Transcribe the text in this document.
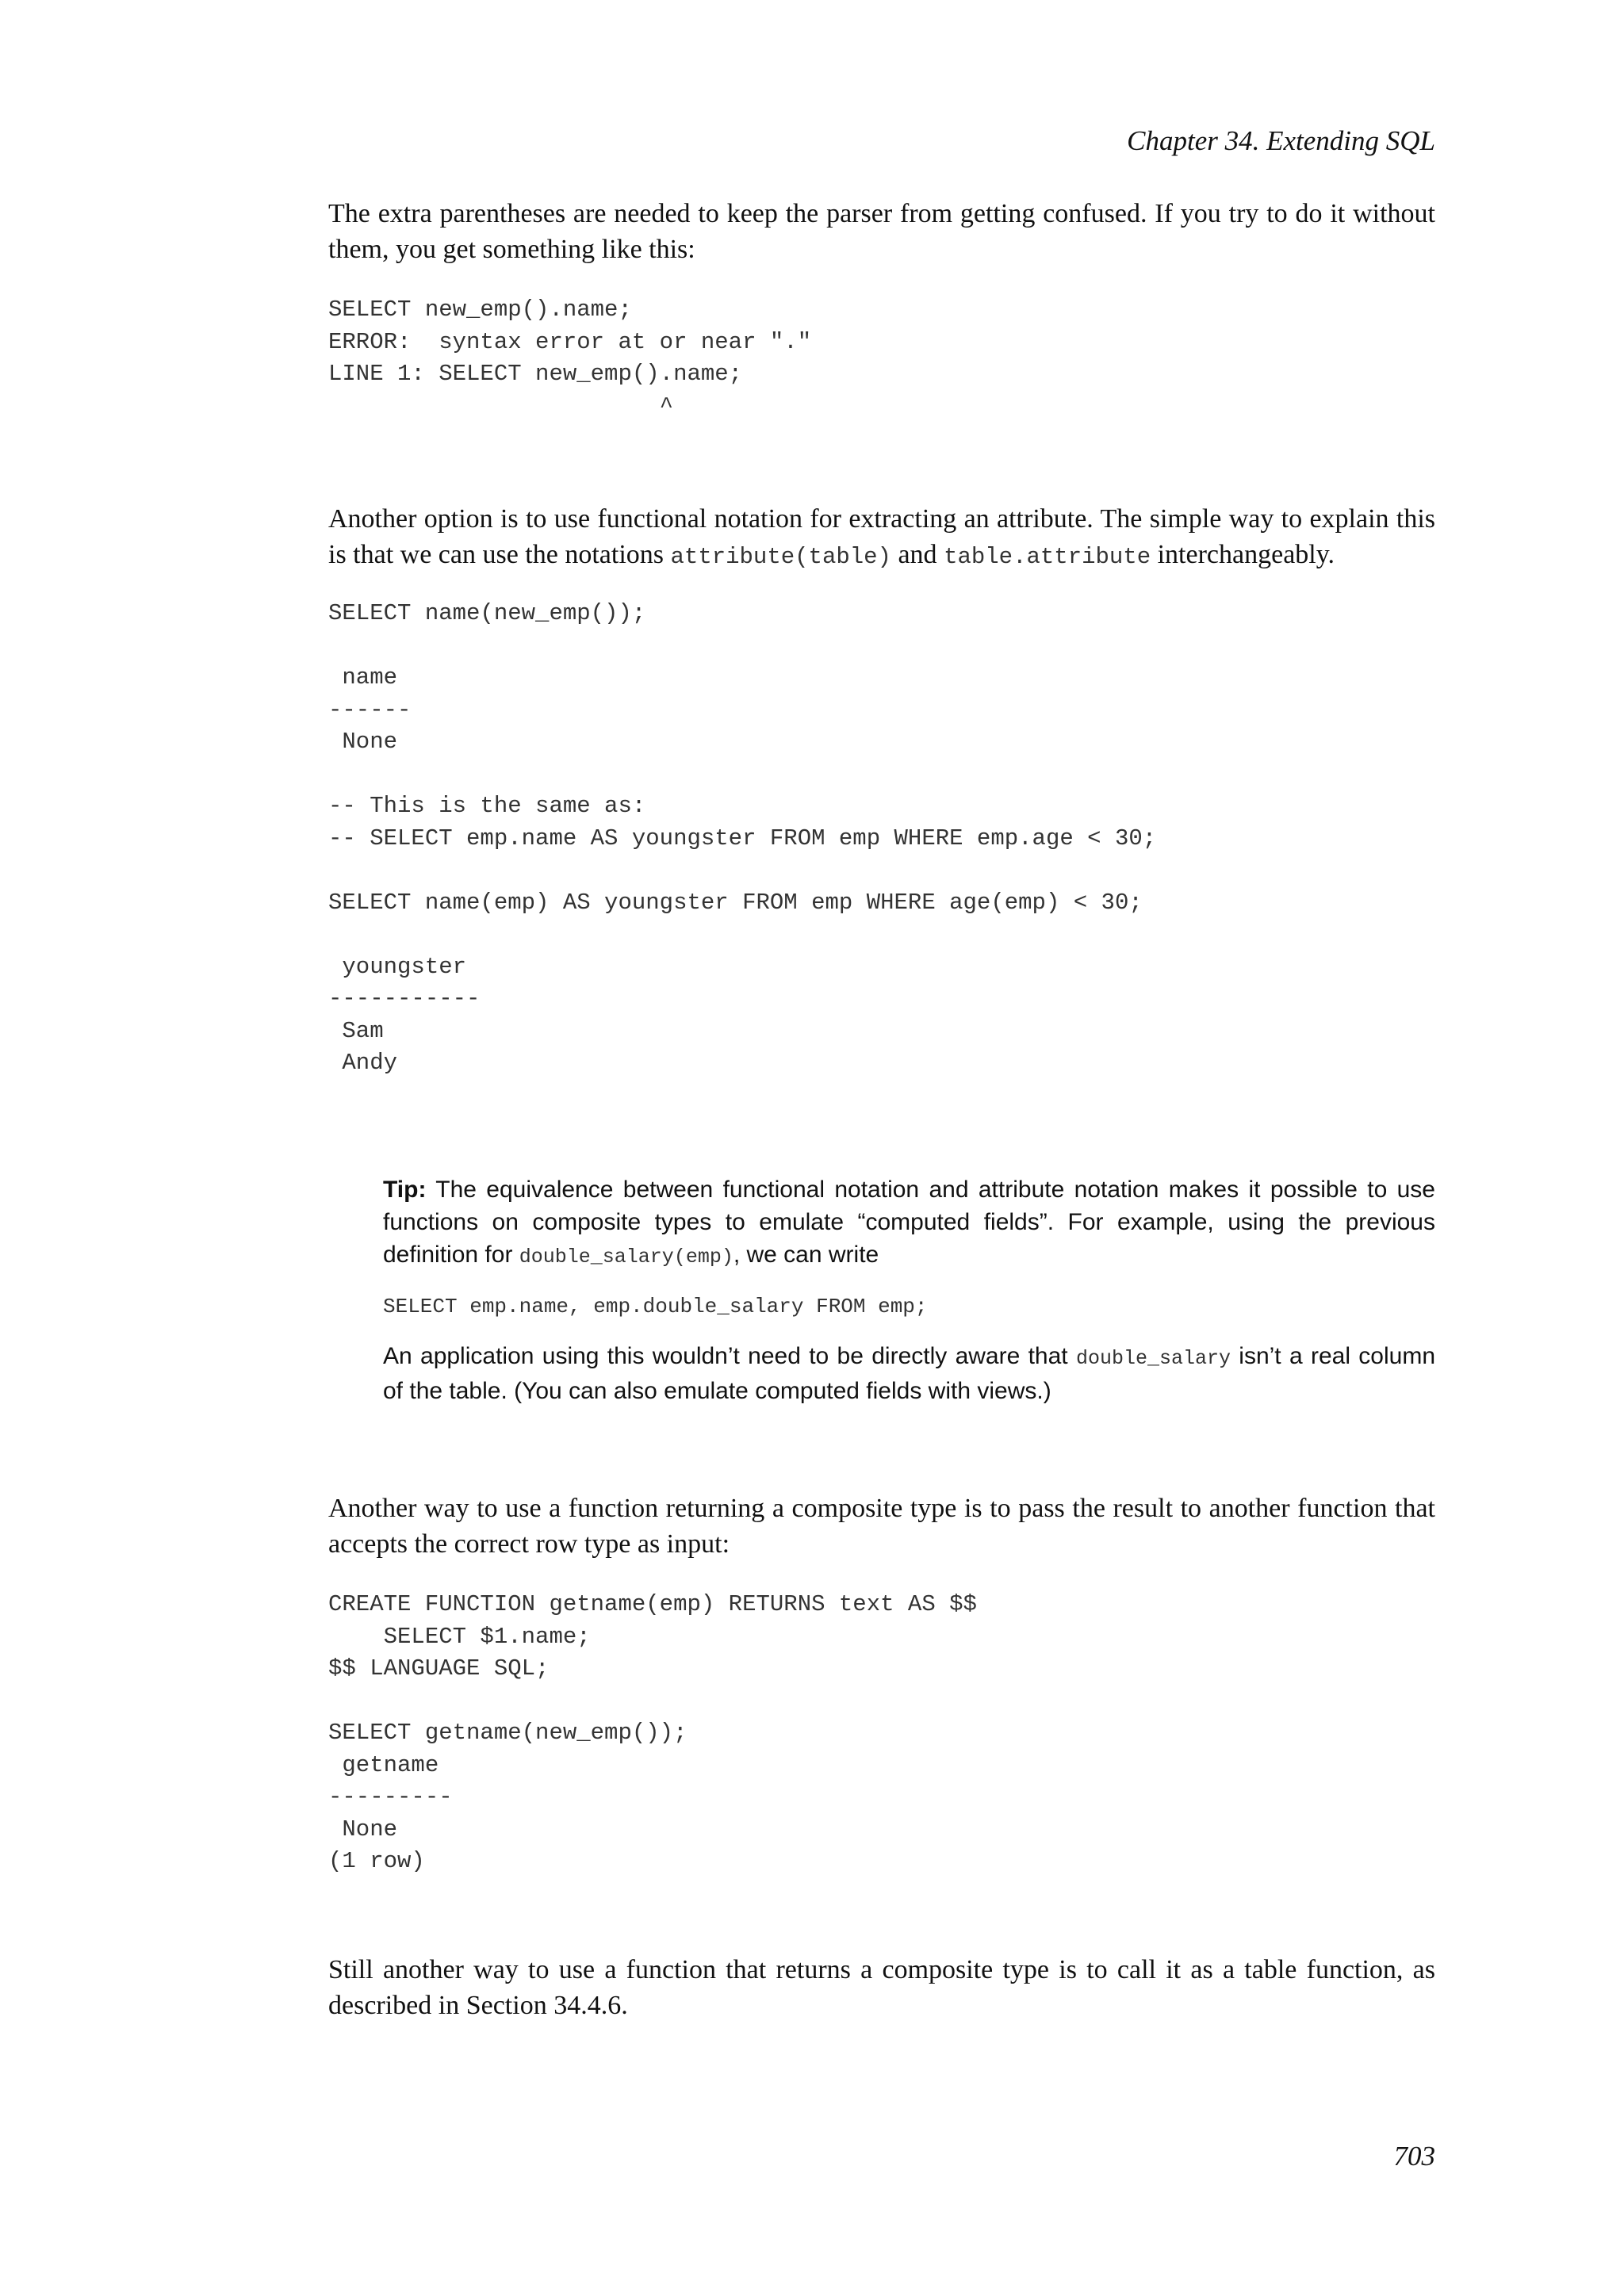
Chapter 34. Extending SQL

The extra parentheses are needed to keep the parser from getting confused. If you try to do it without them, you get something like this:

SELECT new_emp().name;
ERROR:  syntax error at or near "."
LINE 1: SELECT new_emp().name;
^

Another option is to use functional notation for extracting an attribute. The simple way to explain this is that we can use the notations attribute(table) and table.attribute interchangeably.

SELECT name(new_emp());

name
------
None

-- This is the same as:
-- SELECT emp.name AS youngster FROM emp WHERE emp.age < 30;

SELECT name(emp) AS youngster FROM emp WHERE age(emp) < 30;

youngster
-----------
Sam
Andy

Tip: The equivalence between functional notation and attribute notation makes it possible to use functions on composite types to emulate “computed fields”. For example, using the previous definition for double_salary(emp), we can write

SELECT emp.name, emp.double_salary FROM emp;

An application using this wouldn’t need to be directly aware that double_salary isn’t a real column of the table. (You can also emulate computed fields with views.)

Another way to use a function returning a composite type is to pass the result to another function that accepts the correct row type as input:

CREATE FUNCTION getname(emp) RETURNS text AS $$
SELECT $1.name;
$$ LANGUAGE SQL;

SELECT getname(new_emp());
getname
---------
None
(1 row)

Still another way to use a function that returns a composite type is to call it as a table function, as described in Section 34.4.6.

703
